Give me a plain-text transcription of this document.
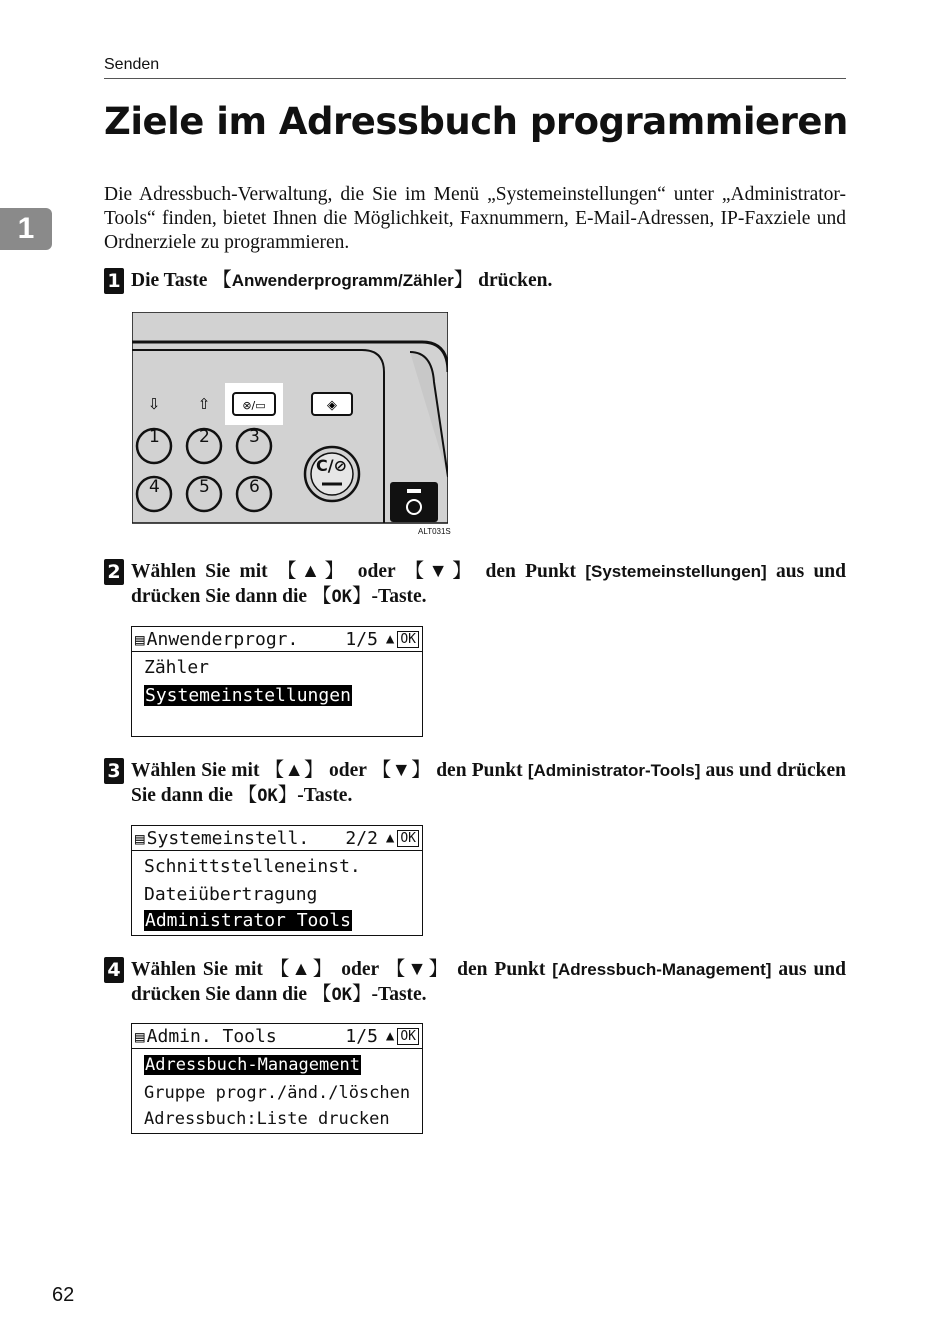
Senden
1
Ziele im Adressbuch programmieren

Die Adressbuch-Verwaltung, die Sie im Menü „Systemeinstellungen“ unter „Administrator-Tools“ finden, bietet Ihnen die Möglichkeit, Faxnummern, E-Mail-Adressen, IP-Faxziele und Ordnerziele zu programmieren.

1 Die Taste 【Anwenderprogramm/Zähler】 drücken.
⊗/▭	◈
⇩ ⇧
1 2 3
4 5 6
C/⊘
ALT031S
2 Wählen Sie mit 【▲】 oder 【▼】 den Punkt [Systemeinstellungen] aus und drücken Sie dann die 【OK】-Taste.
▤ Anwenderprogr.	1/5 ▲ OK
Zähler
Systemeinstellungen
3 Wählen Sie mit 【▲】 oder 【▼】 den Punkt [Administrator-Tools] aus und drücken Sie dann die 【OK】-Taste.
▤ Systemeinstell.	2/2 ▲ OK
Schnittstelleneinst.
Dateiübertragung
Administrator Tools
4 Wählen Sie mit 【▲】 oder 【▼】 den Punkt [Adressbuch-Management] aus und drücken Sie dann die 【OK】-Taste.
▤ Admin. Tools	1/5 ▲ OK
Adressbuch-Management
Gruppe progr./änd./löschen
Adressbuch:Liste drucken
62
